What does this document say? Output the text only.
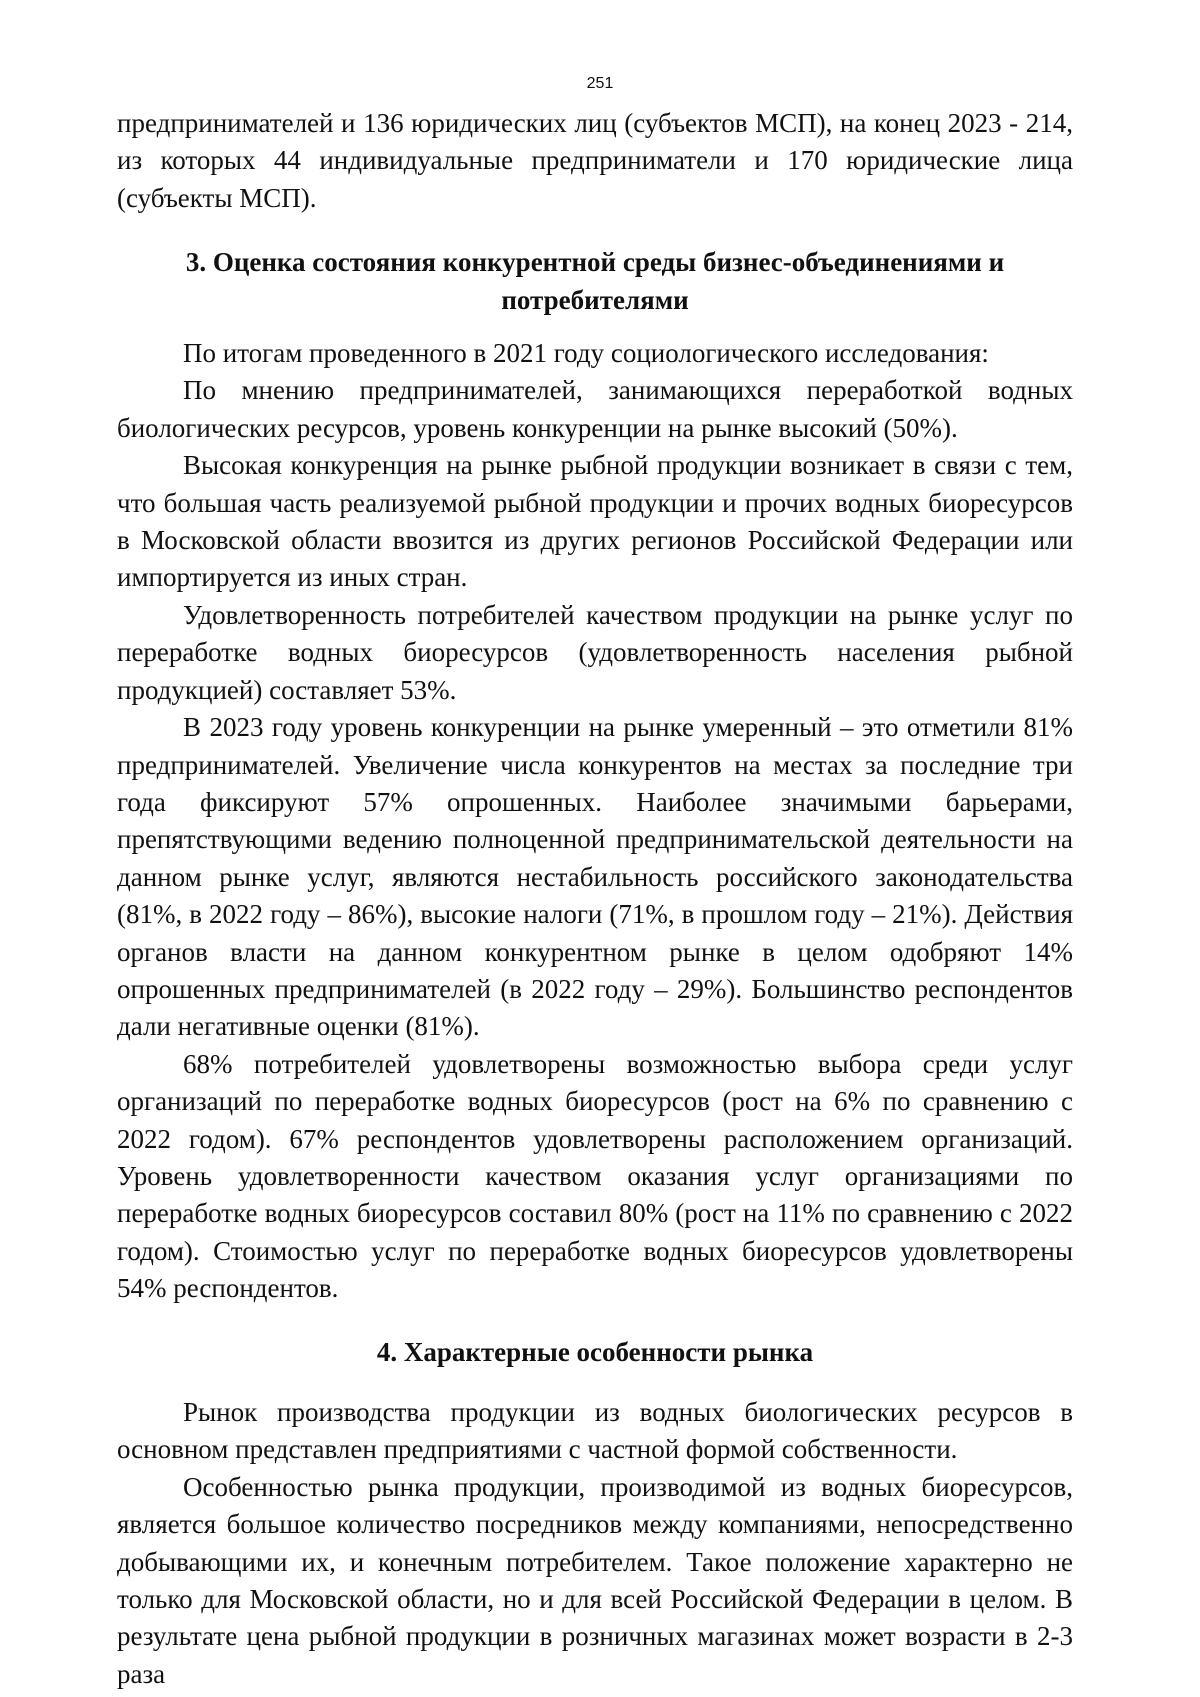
251

предпринимателей и 136 юридических лиц (субъектов МСП), на конец 2023 - 214, из которых 44 индивидуальные предприниматели и 170 юридические лица (субъекты МСП).

3. Оценка состояния конкурентной среды бизнес-объединениями и потребителями

По итогам проведенного в 2021 году социологического исследования:

По мнению предпринимателей, занимающихся переработкой водных биологических ресурсов, уровень конкуренции на рынке высокий (50%).

Высокая конкуренция на рынке рыбной продукции возникает в связи с тем, что большая часть реализуемой рыбной продукции и прочих водных биоресурсов в Московской области ввозится из других регионов Российской Федерации или импортируется из иных стран.

Удовлетворенность потребителей качеством продукции на рынке услуг по переработке водных биоресурсов (удовлетворенность населения рыбной продукцией) составляет 53%.

В 2023 году уровень конкуренции на рынке умеренный – это отметили 81% предпринимателей. Увеличение числа конкурентов на местах за последние три года фиксируют 57% опрошенных. Наиболее значимыми барьерами, препятствующими ведению полноценной предпринимательской деятельности на данном рынке услуг, являются нестабильность российского законодательства (81%, в 2022 году – 86%), высокие налоги (71%, в прошлом году – 21%). Действия органов власти на данном конкурентном рынке в целом одобряют 14% опрошенных предпринимателей (в 2022 году – 29%). Большинство респондентов дали негативные оценки (81%).

68% потребителей удовлетворены возможностью выбора среди услуг организаций по переработке водных биоресурсов (рост на 6% по сравнению с 2022 годом). 67% респондентов удовлетворены расположением организаций. Уровень удовлетворенности качеством оказания услуг организациями по переработке водных биоресурсов составил 80% (рост на 11% по сравнению с 2022 годом). Стоимостью услуг по переработке водных биоресурсов удовлетворены 54% респондентов.

4. Характерные особенности рынка

Рынок производства продукции из водных биологических ресурсов в основном представлен предприятиями с частной формой собственности.

Особенностью рынка продукции, производимой из водных биоресурсов, является большое количество посредников между компаниями, непосредственно добывающими их, и конечным потребителем. Такое положение характерно не только для Московской области, но и для всей Российской Федерации в целом. В результате цена рыбной продукции в розничных магазинах может возрасти в 2-3 раза
